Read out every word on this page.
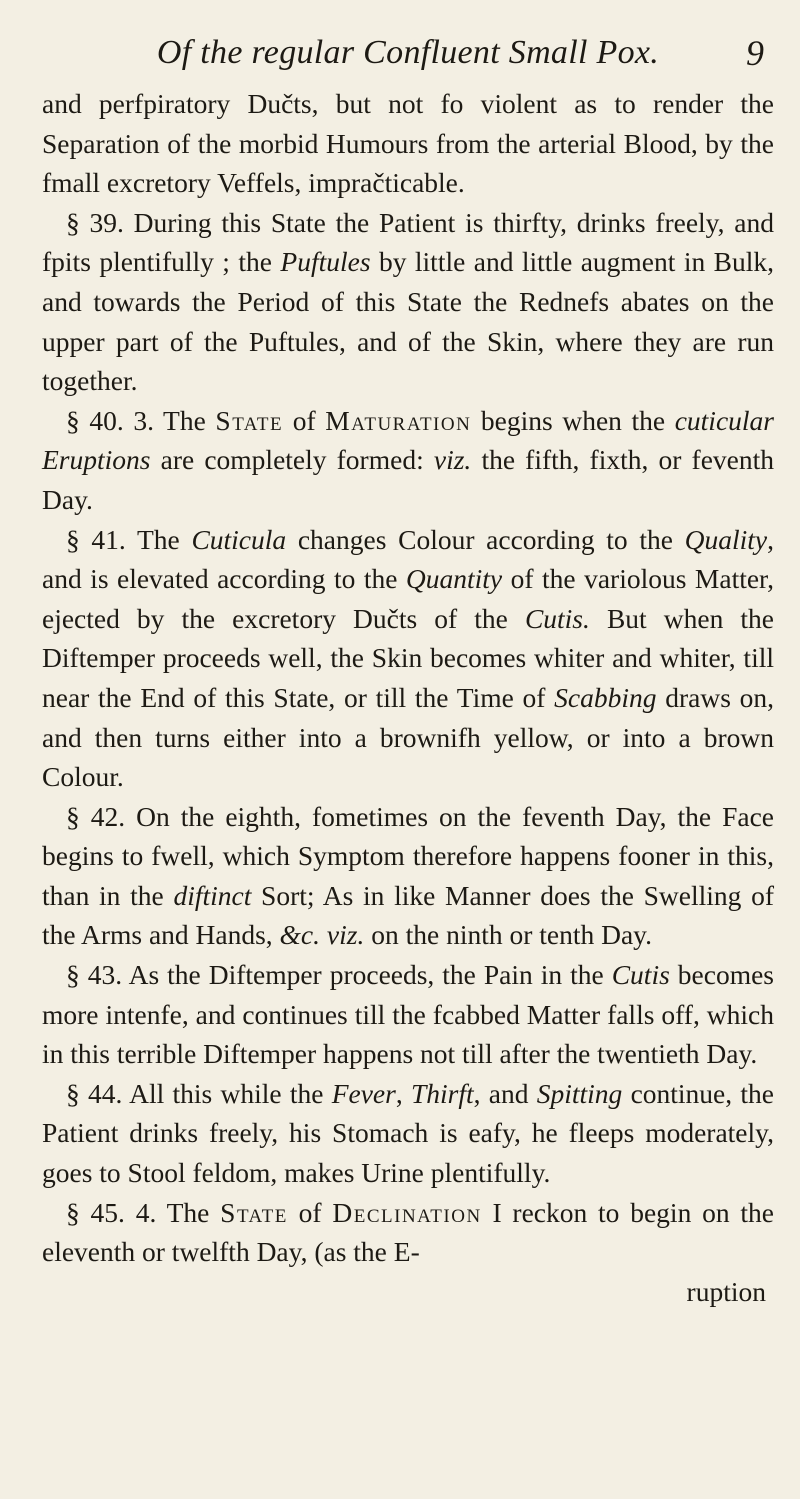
Of the regular Confluent Small Pox. 9

and perfpiratory Dučts, but not fo violent as to render the Separation of the morbid Humours from the arterial Blood, by the fmall excretory Veffels, impračticable.

§ 39. During this State the Patient is thirfty, drinks freely, and fpits plentifully ; the Puftules by little and little augment in Bulk, and towards the Period of this State the Rednefs abates on the upper part of the Puftules, and of the Skin, where they are run together.

§ 40. 3. The State of Maturation begins when the cuticular Eruptions are completely formed: viz. the fifth, fixth, or feventh Day.

§ 41. The Cuticula changes Colour according to the Quality, and is elevated according to the Quantity of the variolous Matter, ejected by the excretory Dučts of the Cutis. But when the Diftemper proceeds well, the Skin becomes whiter and whiter, till near the End of this State, or till the Time of Scabbing draws on, and then turns either into a brownifh yellow, or into a brown Colour.

§ 42. On the eighth, fometimes on the feventh Day, the Face begins to fwell, which Symptom therefore happens fooner in this, than in the diftinct Sort; As in like Manner does the Swelling of the Arms and Hands, &c. viz. on the ninth or tenth Day.

§ 43. As the Diftemper proceeds, the Pain in the Cutis becomes more intenfe, and continues till the fcabbed Matter falls off, which in this terrible Diftemper happens not till after the twentieth Day.

§ 44. All this while the Fever, Thirft, and Spitting continue, the Patient drinks freely, his Stomach is eafy, he fleeps moderately, goes to Stool feldom, makes Urine plentifully.

§ 45. 4. The State of Declination I reckon to begin on the eleventh or twelfth Day, (as the E-

ruption
